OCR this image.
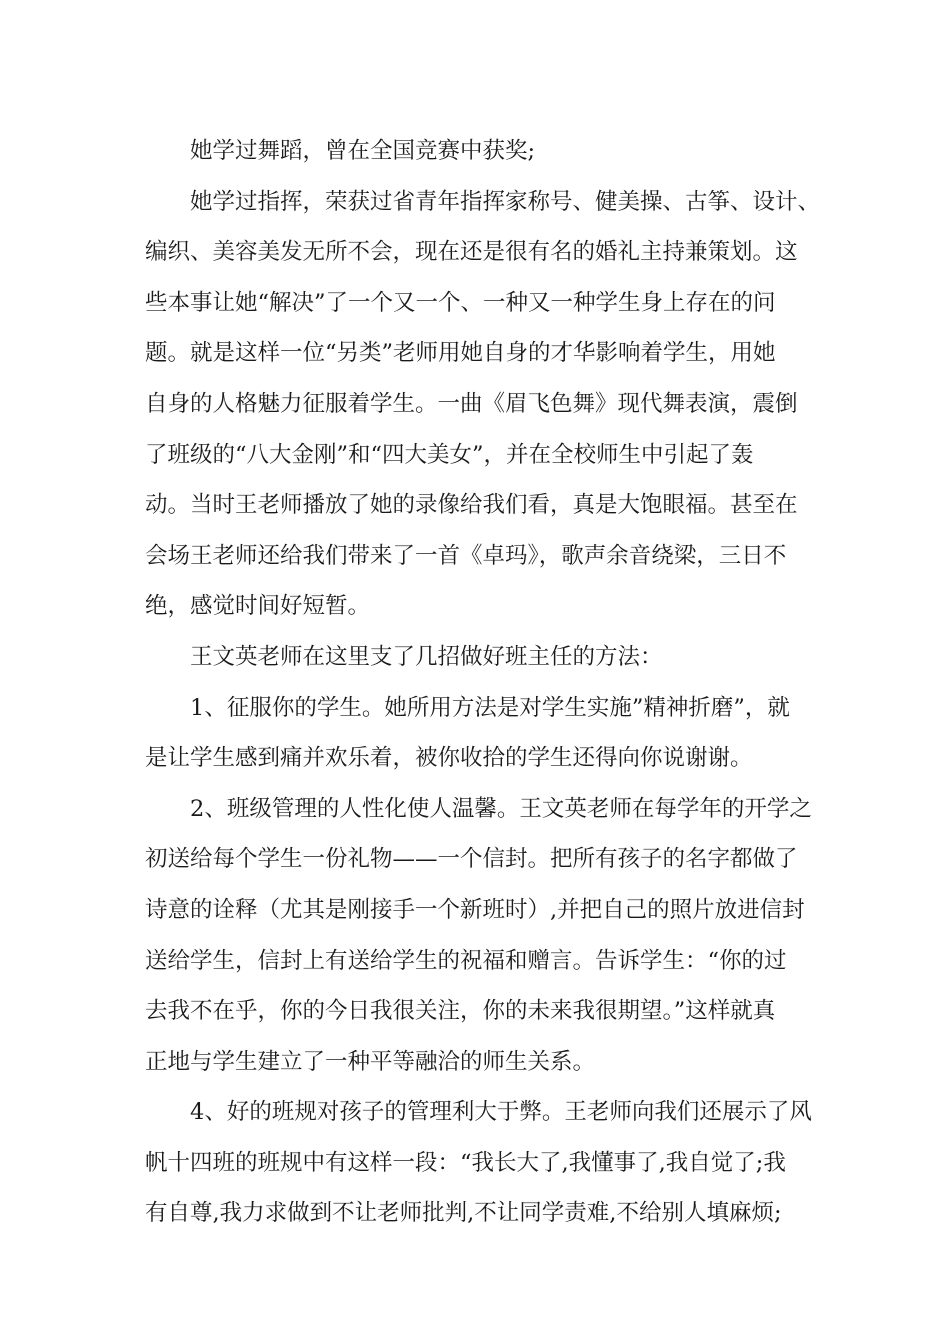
她学过舞蹈，曾在全国竞赛中获奖;

她学过指挥，荣获过省青年指挥家称号、健美操、古筝、设计、
编织、美容美发无所不会，现在还是很有名的婚礼主持兼策划。这
些本事让她“解决”了一个又一个、一种又一种学生身上存在的问
题。就是这样一位“另类”老师用她自身的才华影响着学生，用她
自身的人格魅力征服着学生。一曲《眉飞色舞》现代舞表演，震倒
了班级的“八大金刚”和“四大美女”，并在全校师生中引起了轰
动。当时王老师播放了她的录像给我们看，真是大饱眼福。甚至在
会场王老师还给我们带来了一首《卓玛》，歌声余音绕梁，三日不
绝，感觉时间好短暂。

王文英老师在这里支了几招做好班主任的方法：

1、征服你的学生。她所用方法是对学生实施”精神折磨”，就
是让学生感到痛并欢乐着，被你收拾的学生还得向你说谢谢。

2、班级管理的人性化使人温馨。王文英老师在每学年的开学之
初送给每个学生一份礼物——一个信封。把所有孩子的名字都做了
诗意的诠释（尤其是刚接手一个新班时）,并把自己的照片放进信封
送给学生，信封上有送给学生的祝福和赠言。告诉学生：“你的过
去我不在乎，你的今日我很关注，你的未来我很期望。”这样就真
正地与学生建立了一种平等融洽的师生关系。

4、好的班规对孩子的管理利大于弊。王老师向我们还展示了风
帆十四班的班规中有这样一段：“我长大了,我懂事了,我自觉了;我
有自尊,我力求做到不让老师批判,不让同学责难,不给别人填麻烦;
